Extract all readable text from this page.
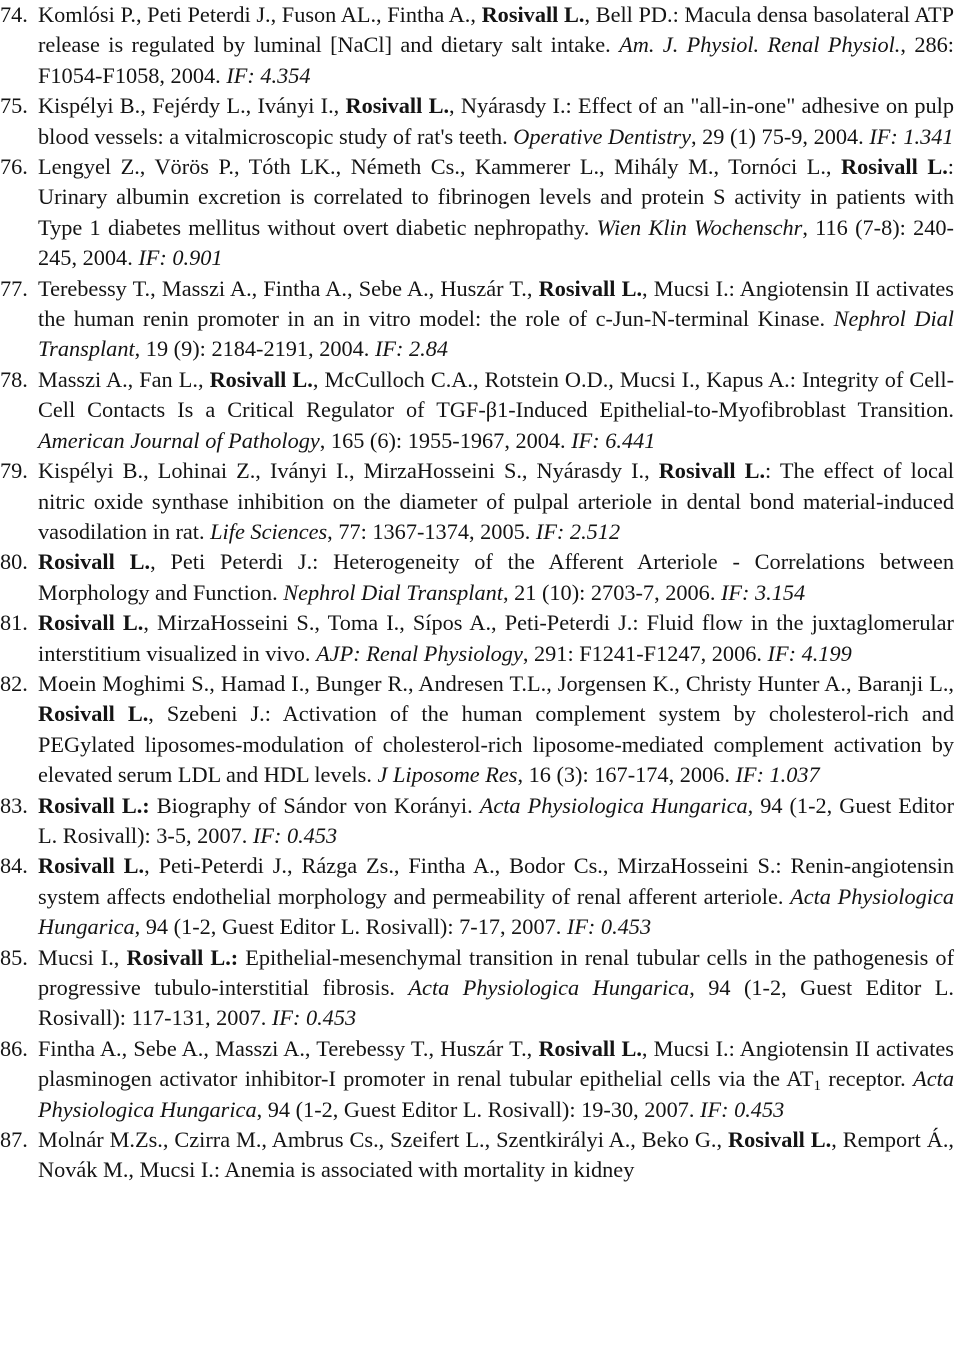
74. Komlósi P., Peti Peterdi J., Fuson AL., Fintha A., Rosivall L., Bell PD.: Macula densa basolateral ATP release is regulated by luminal [NaCl] and dietary salt intake. Am. J. Physiol. Renal Physiol., 286: F1054-F1058, 2004. IF: 4.354
75. Kispélyi B., Fejérdy L., Iványi I., Rosivall L., Nyárasdy I.: Effect of an "all-in-one" adhesive on pulp blood vessels: a vitalmicroscopic study of rat's teeth. Operative Dentistry, 29 (1) 75-9, 2004. IF: 1.341
76. Lengyel Z., Vörös P., Tóth LK., Németh Cs., Kammerer L., Mihály M., Tornóci L., Rosivall L.: Urinary albumin excretion is correlated to fibrinogen levels and protein S activity in patients with Type 1 diabetes mellitus without overt diabetic nephropathy. Wien Klin Wochenschr, 116 (7-8): 240-245, 2004. IF: 0.901
77. Terebessy T., Masszi A., Fintha A., Sebe A., Huszár T., Rosivall L., Mucsi I.: Angiotensin II activates the human renin promoter in an in vitro model: the role of c-Jun-N-terminal Kinase. Nephrol Dial Transplant, 19 (9): 2184-2191, 2004. IF: 2.84
78. Masszi A., Fan L., Rosivall L., McCulloch C.A., Rotstein O.D., Mucsi I., Kapus A.: Integrity of Cell-Cell Contacts Is a Critical Regulator of TGF-β1-Induced Epithelial-to-Myofibroblast Transition. American Journal of Pathology, 165 (6): 1955-1967, 2004. IF: 6.441
79. Kispélyi B., Lohinai Z., Iványi I., MirzaHosseini S., Nyárasdy I., Rosivall L.: The effect of local nitric oxide synthase inhibition on the diameter of pulpal arteriole in dental bond material-induced vasodilation in rat. Life Sciences, 77: 1367-1374, 2005. IF: 2.512
80. Rosivall L., Peti Peterdi J.: Heterogeneity of the Afferent Arteriole - Correlations between Morphology and Function. Nephrol Dial Transplant, 21 (10): 2703-7, 2006. IF: 3.154
81. Rosivall L., MirzaHosseini S., Toma I., Sípos A., Peti-Peterdi J.: Fluid flow in the juxtaglomerular interstitium visualized in vivo. AJP: Renal Physiology, 291: F1241-F1247, 2006. IF: 4.199
82. Moein Moghimi S., Hamad I., Bunger R., Andresen T.L., Jorgensen K., Christy Hunter A., Baranji L., Rosivall L., Szebeni J.: Activation of the human complement system by cholesterol-rich and PEGylated liposomes-modulation of cholesterol-rich liposome-mediated complement activation by elevated serum LDL and HDL levels. J Liposome Res, 16 (3): 167-174, 2006. IF: 1.037
83. Rosivall L.: Biography of Sándor von Korányi. Acta Physiologica Hungarica, 94 (1-2, Guest Editor L. Rosivall): 3-5, 2007. IF: 0.453
84. Rosivall L., Peti-Peterdi J., Rázga Zs., Fintha A., Bodor Cs., MirzaHosseini S.: Renin-angiotensin system affects endothelial morphology and permeability of renal afferent arteriole. Acta Physiologica Hungarica, 94 (1-2, Guest Editor L. Rosivall): 7-17, 2007. IF: 0.453
85. Mucsi I., Rosivall L.: Epithelial-mesenchymal transition in renal tubular cells in the pathogenesis of progressive tubulo-interstitial fibrosis. Acta Physiologica Hungarica, 94 (1-2, Guest Editor L. Rosivall): 117-131, 2007. IF: 0.453
86. Fintha A., Sebe A., Masszi A., Terebessy T., Huszár T., Rosivall L., Mucsi I.: Angiotensin II activates plasminogen activator inhibitor-I promoter in renal tubular epithelial cells via the $AT_1$ receptor. Acta Physiologica Hungarica, 94 (1-2, Guest Editor L. Rosivall): 19-30, 2007. IF: 0.453
87. Molnár M.Zs., Czirra M., Ambrus Cs., Szeifert L., Szentkirályi A., Beko G., Rosivall L., Remport Á., Novák M., Mucsi I.: Anemia is associated with mortality in kidney
